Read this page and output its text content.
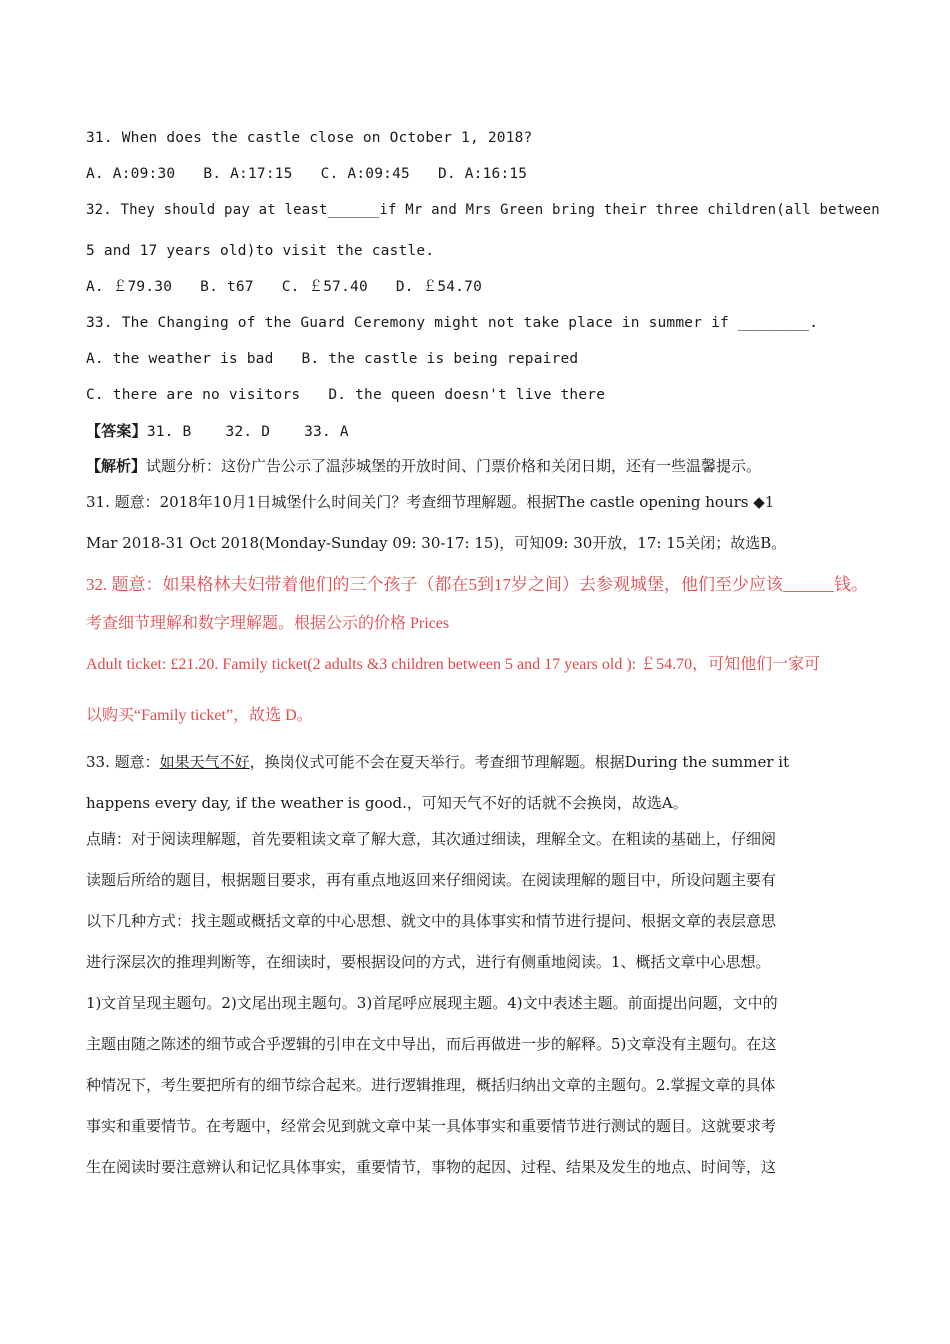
31. When does the castle close on October 1, 2018?
A. A:09:30 B. A:17:15 C. A:09:45 D. A:16:15
32. They should pay at least______if Mr and Mrs Green bring their three children(all between
5 and 17 years old)to visit the castle.
A. ￡79.30 B. t67 C. ￡57.40 D. ￡54.70
33. The Changing of the Guard Ceremony might not take place in summer if ________.
A. the weather is bad B. the castle is being repaired
C. there are no visitors D. the queen doesn't live there
【答案】31. B 32. D 33. A
【解析】试题分析：这份广告公示了温莎城堡的开放时间、门票价格和关闭日期，还有一些温馨提示。
31. 题意：2018年10月1日城堡什么时间关门？考查细节理解题。根据The castle opening hours ◆1
Mar 2018-31 Oct 2018(Monday-Sunday 09: 30-17: 15)，可知09: 30开放，17: 15关闭；故选B。
32. 题意：如果格林夫妇带着他们的三个孩子（都在5到17岁之间）去参观城堡，他们至少应该______钱。
考查细节理解和数字理解题。根据公示的价格 Prices
Adult ticket: £21.20. Family ticket(2 adults &3 children between 5 and 17 years old ): ￡54.70，可知他们一家可
以购买“Family ticket”，故选 D。
33. 题意：如果天气不好，换岗仪式可能不会在夏天举行。考查细节理解题。根据During the summer it
happens every day, if the weather is good.，可知天气不好的话就不会换岗，故选A。
点睛：对于阅读理解题，首先要粗读文章了解大意，其次通过细读，理解全文。在粗读的基础上，仔细阅
读题后所给的题目，根据题目要求，再有重点地返回来仔细阅读。在阅读理解的题目中，所设问题主要有
以下几种方式：找主题或概括文章的中心思想、就文中的具体事实和情节进行提问、根据文章的表层意思
进行深层次的推理判断等，在细读时，要根据设问的方式，进行有侧重地阅读。1、概括文章中心思想。
1)文首呈现主题句。2)文尾出现主题句。3)首尾呼应展现主题。4)文中表述主题。前面提出问题，文中的
主题由随之陈述的细节或合乎逻辑的引申在文中导出，而后再做进一步的解释。5)文章没有主题句。在这
种情况下，考生要把所有的细节综合起来。进行逻辑推理，概括归纳出文章的主题句。2.掌握文章的具体
事实和重要情节。在考题中，经常会见到就文章中某一具体事实和重要情节进行测试的题目。这就要求考
生在阅读时要注意辨认和记忆具体事实，重要情节，事物的起因、过程、结果及发生的地点、时间等，这
